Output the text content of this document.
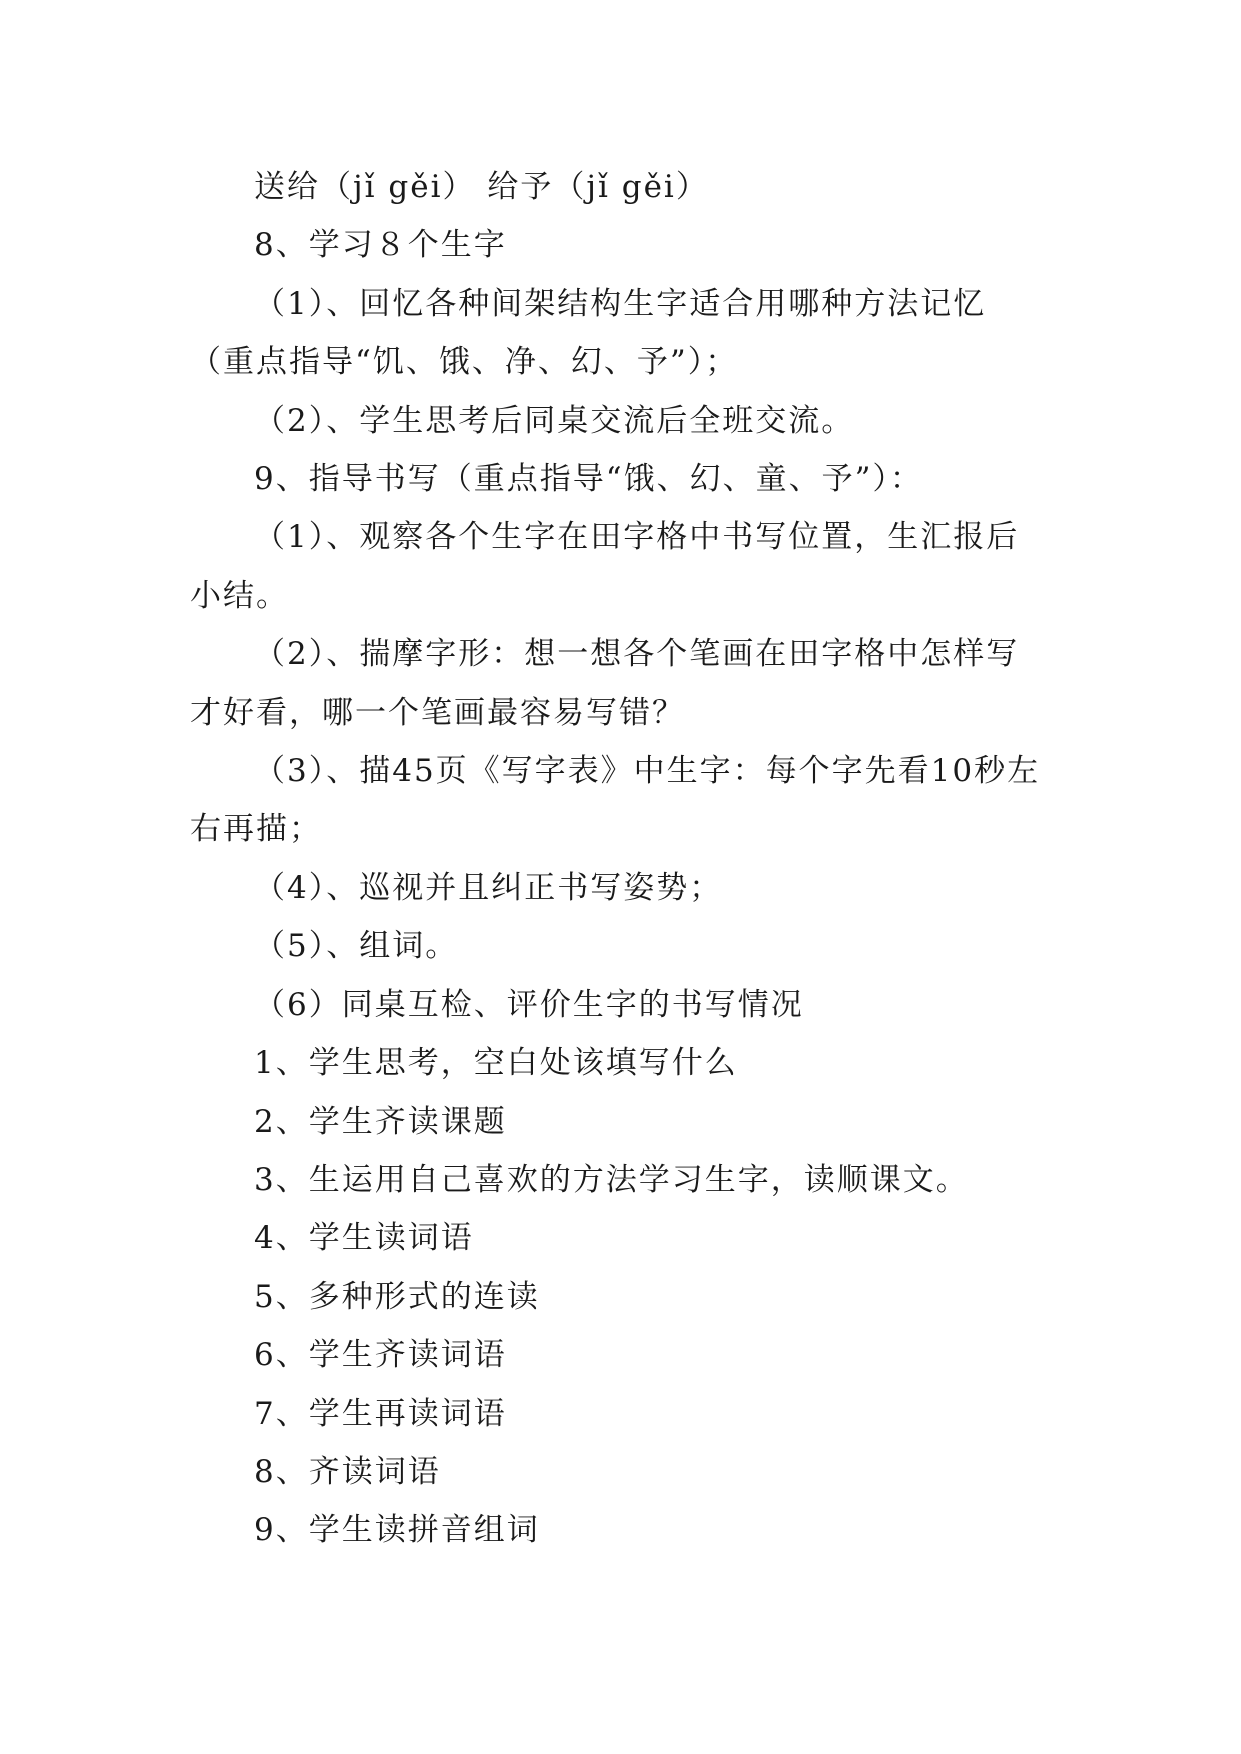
送给（jǐ gěi） 给予（jǐ gěi）

8、学习８个生字

（1）、回忆各种间架结构生字适合用哪种方法记忆（重点指导“饥、饿、净、幻、予”）；

（2）、学生思考后同桌交流后全班交流。

9、指导书写（重点指导“饿、幻、童、予”）：

（1）、观察各个生字在田字格中书写位置，生汇报后小结。

（2）、揣摩字形：想一想各个笔画在田字格中怎样写才好看，哪一个笔画最容易写错？

（3）、描45页《写字表》中生字：每个字先看10秒左右再描；

（4）、巡视并且纠正书写姿势；

（5）、组词。

（6）同桌互检、评价生字的书写情况

1、学生思考，空白处该填写什么

2、学生齐读课题

3、生运用自己喜欢的方法学习生字，读顺课文。

4、学生读词语

5、多种形式的连读

6、学生齐读词语

7、学生再读词语

8、齐读词语

9、学生读拼音组词
